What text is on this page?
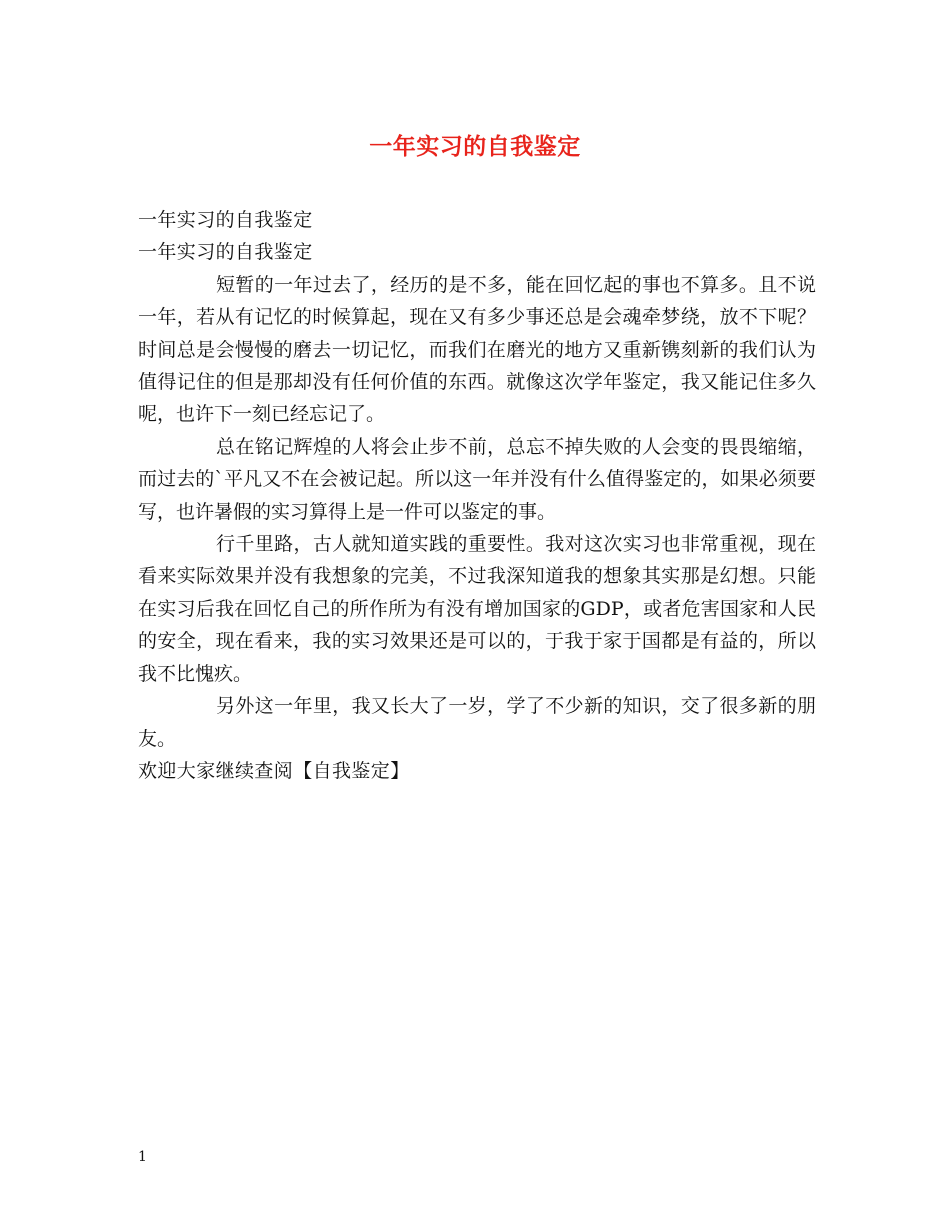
一年实习的自我鉴定
一年实习的自我鉴定
一年实习的自我鉴定

短暂的一年过去了，经历的是不多，能在回忆起的事也不算多。且不说一年，若从有记忆的时候算起，现在又有多少事还总是会魂牵梦绕，放不下呢？时间总是会慢慢的磨去一切记忆，而我们在磨光的地方又重新镌刻新的我们认为值得记住的但是那却没有任何价值的东西。就像这次学年鉴定，我又能记住多久呢，也许下一刻已经忘记了。

总在铭记辉煌的人将会止步不前，总忘不掉失败的人会变的畏畏缩缩，而过去的`平凡又不在会被记起。所以这一年并没有什么值得鉴定的，如果必须要写，也许暑假的实习算得上是一件可以鉴定的事。

行千里路，古人就知道实践的重要性。我对这次实习也非常重视，现在看来实际效果并没有我想象的完美，不过我深知道我的想象其实那是幻想。只能在实习后我在回忆自己的所作所为有没有增加国家的GDP，或者危害国家和人民的安全，现在看来，我的实习效果还是可以的，于我于家于国都是有益的，所以我不比愧疚。

另外这一年里，我又长大了一岁，学了不少新的知识，交了很多新的朋友。

欢迎大家继续查阅【自我鉴定】
1
